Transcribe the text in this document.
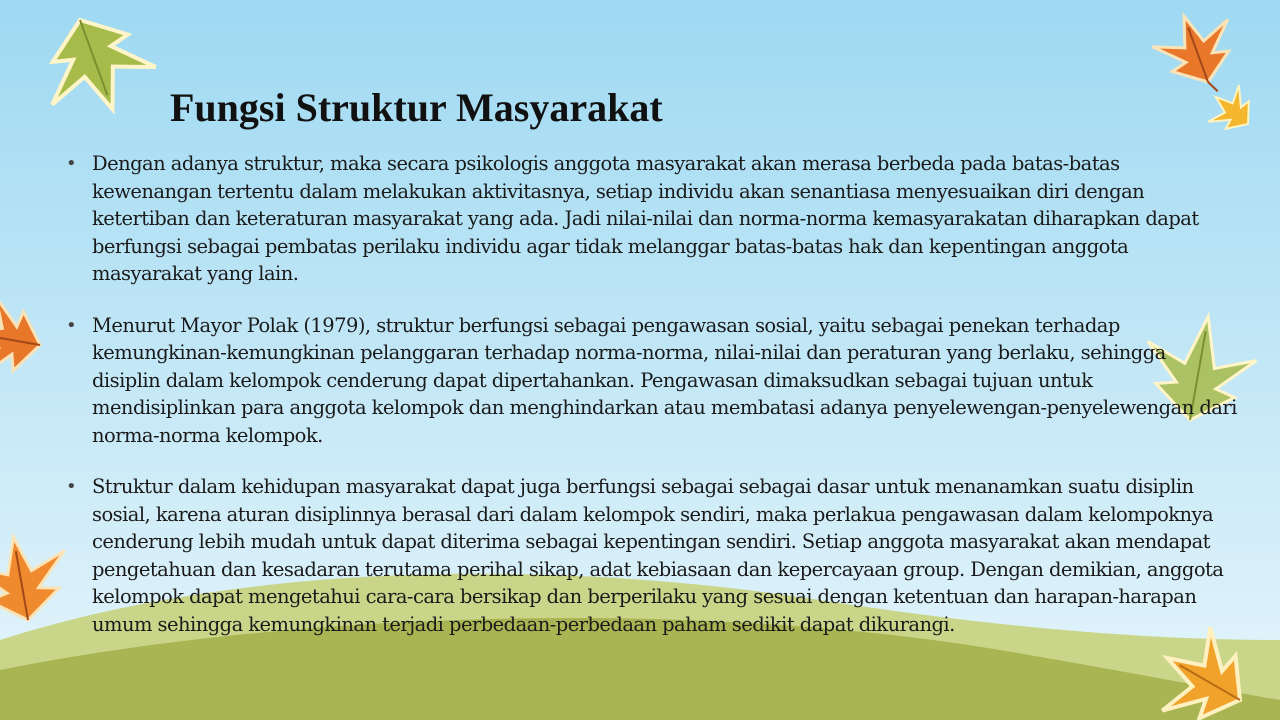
Fungsi Struktur Masyarakat
• Dengan adanya struktur, maka secara psikologis anggota masyarakat akan merasa berbeda pada batas-batas kewenangan tertentu dalam melakukan aktivitasnya, setiap individu akan senantiasa menyesuaikan diri dengan ketertiban dan keteraturan masyarakat yang ada. Jadi nilai-nilai dan norma-norma kemasyarakatan diharapkan dapat berfungsi sebagai pembatas perilaku individu agar tidak melanggar batas-batas hak dan kepentingan anggota masyarakat yang lain.
• Menurut Mayor Polak (1979), struktur berfungsi sebagai pengawasan sosial, yaitu sebagai penekan terhadap kemungkinan-kemungkinan pelanggaran terhadap norma-norma, nilai-nilai dan peraturan yang berlaku, sehingga disiplin dalam kelompok cenderung dapat dipertahankan. Pengawasan dimaksudkan sebagai tujuan untuk mendisiplinkan para anggota kelompok dan menghindarkan atau membatasi adanya penyelewengan-penyelewengan dari norma-norma kelompok.
• Struktur dalam kehidupan masyarakat dapat juga berfungsi sebagai sebagai dasar untuk menanamkan suatu disiplin sosial, karena aturan disiplinnya berasal dari dalam kelompok sendiri, maka perlakua pengawasan dalam kelompoknya cenderung lebih mudah untuk dapat diterima sebagai kepentingan sendiri. Setiap anggota masyarakat akan mendapat pengetahuan dan kesadaran terutama perihal sikap, adat kebiasaan dan kepercayaan group. Dengan demikian, anggota kelompok dapat mengetahui cara-cara bersikap dan berperilaku yang sesuai dengan ketentuan dan harapan-harapan umum sehingga kemungkinan terjadi perbedaan-perbedaan paham sedikit dapat dikurangi.
